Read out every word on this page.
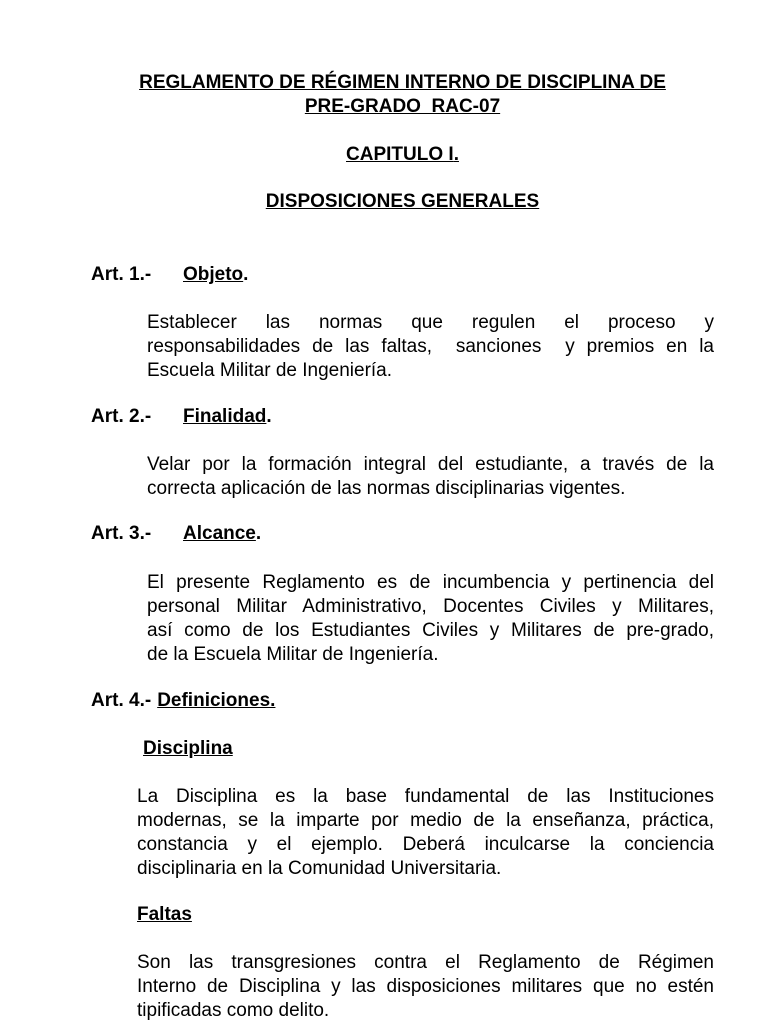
REGLAMENTO DE RÉGIMEN INTERNO DE DISCIPLINA DE
PRE-GRADO  RAC-07
CAPITULO I.
DISPOSICIONES GENERALES
Art. 1.- Objeto.
Establecer las normas que regulen el proceso y
responsabilidades de las faltas,  sanciones  y premios en la
Escuela Militar de Ingeniería.
Art. 2.- Finalidad.
Velar por la formación integral del estudiante, a través de la
correcta aplicación de las normas disciplinarias vigentes.
Art. 3.- Alcance.
El presente Reglamento es de incumbencia y pertinencia del
personal Militar Administrativo, Docentes Civiles y Militares,
así como de los Estudiantes Civiles y Militares de pre-grado,
de la Escuela Militar de Ingeniería.
Art. 4.- Definiciones.
Disciplina
La Disciplina es la base fundamental de las Instituciones
modernas, se la imparte por medio de la enseñanza, práctica,
constancia y el ejemplo. Deberá inculcarse la conciencia
disciplinaria en la Comunidad Universitaria.
Faltas
Son las transgresiones contra el Reglamento de Régimen
Interno de Disciplina y las disposiciones militares que no estén
tipificadas como delito.
